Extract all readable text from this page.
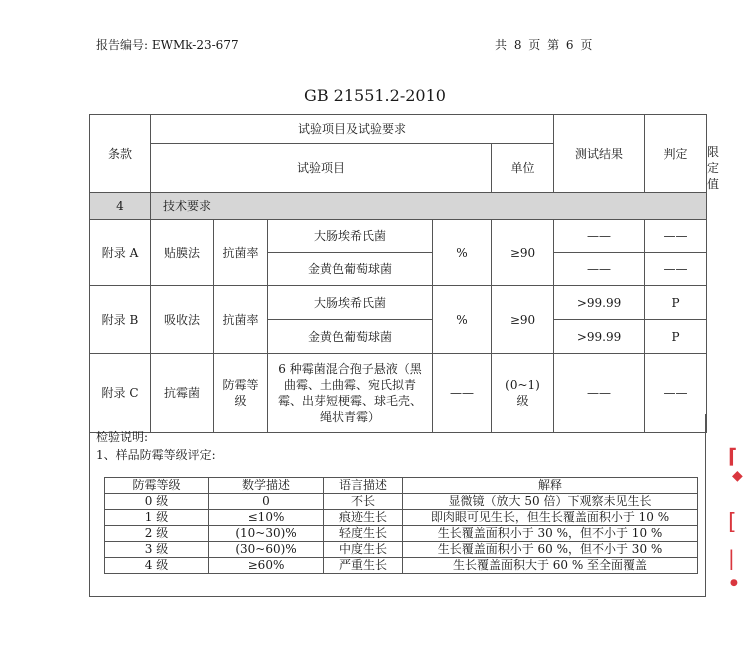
报告编号: EWMk-23-677	共 8 页 第 6 页
GB 21551.2-2010
条款	试验项目及试验要求					测试结果	判定	
	试验项目				单位			限定值
4	技术要求							
附录 A	贴膜法	抗菌率	大肠埃希氏菌	%	≥90	——	——	
			金黄色葡萄球菌			——	——	
附录 B	吸收法	抗菌率	大肠埃希氏菌	%	≥90	>99.99	P	
			金黄色葡萄球菌			>99.99	P	
附录 C	抗霉菌	防霉等级	6 种霉菌混合孢子悬液（黑曲霉、土曲霉、宛氏拟青霉、出芽短梗霉、球毛壳、绳状青霉）	——	(0~1) 级	——	——	
检验说明:
1、样品防霉等级评定:
防霉等级	数学描述	语言描述	解释
0 级	0	不长	显微镜（放大 50 倍）下观察未见生长
1 级	≤10%	痕迹生长	即肉眼可见生长，但生长覆盖面积小于 10 %
2 级	(10~30)%	轻度生长	生长覆盖面积小于 30 %，但不小于 10 %
3 级	(30~60)%	中度生长	生长覆盖面积小于 60 %，但不小于 30 %
4 级	≥60%	严重生长	生长覆盖面积大于 60 % 至全面覆盖
⌈
◆
[
|
●
